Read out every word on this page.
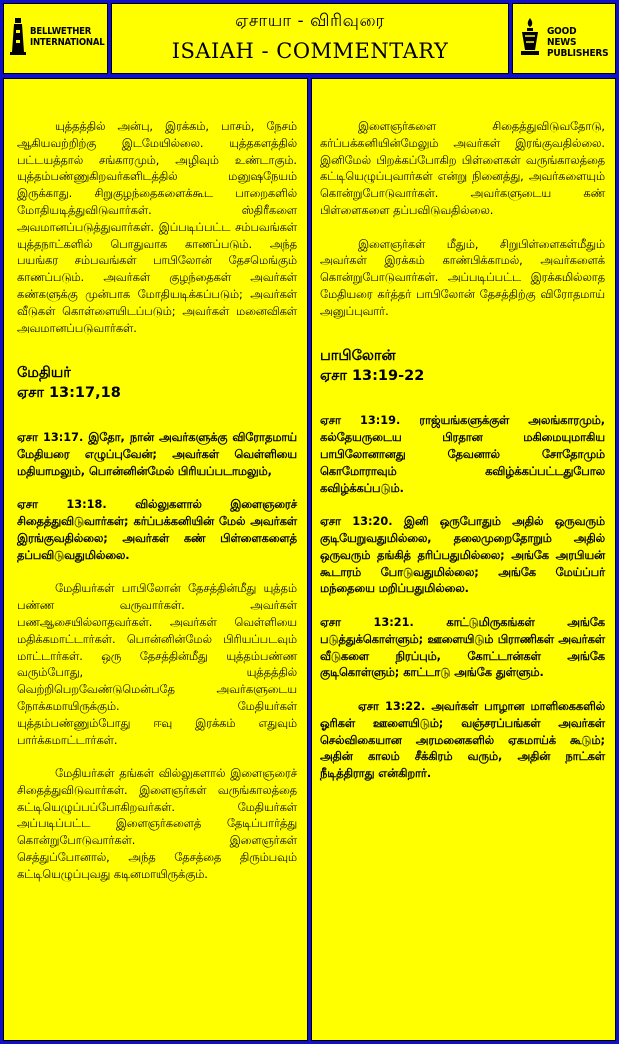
BELLWETHER
INTERNATIONAL
ஏசாயா - விரிவுரை
ISAIAH - COMMENTARY
GOOD NEWS
PUBLISHERS

யுத்தத்தில் அன்பு, இரக்கம், பாசம், நேசம் ஆகியவற்றிற்கு இடமேயில்லை. யுத்தகளத்தில் பட்டயத்தால் சங்காரமும், அழிவும் உண்டாகும். யுத்தம்பண்ணுகிறவர்களிடத்தில் மனுஷநேயம் இருக்காது. சிறுகுழந்தைகளைக்கூட பாறைகளில் மோதியடித்துவிடுவார்கள். ஸ்திரீகளை அவமானப்படுத்துவார்கள். இப்படிப்பட்ட சம்பவங்கள் யுத்தநாட்களில் பொதுவாக காணப்படும். அந்த பயங்கர சம்பவங்கள் பாபிலோன் தேசமெங்கும் காணப்படும். அவர்கள் குழந்தைகள் அவர்கள் கண்களுக்கு முன்பாக மோதியடிக்கப்படும்; அவர்கள் வீடுகள் கொள்ளையிடப்படும்; அவர்கள் மனைவிகள் அவமானப்படுவார்கள்.

மேதியர்
ஏசா 13:17,18

ஏசா 13:17. இதோ, நான் அவர்களுக்கு விரோதமாய் மேதியரை எழுப்புவேன்; அவர்கள் வெள்ளியை மதியாமலும், பொன்னின்மேல் பிரியப்படாமலும்,

ஏசா 13:18. வில்லுகளால் இளைஞரைச் சிதைத்துவிடுவார்கள்; கர்ப்பக்கனியின் மேல் அவர்கள் இரங்குவதில்லை; அவர்கள் கண் பிள்ளைகளைத் தப்பவிடுவதுமில்லை.

மேதியர்கள் பாபிலோன் தேசத்தின்மீது யுத்தம் பண்ண வருவார்கள். அவர்கள் பணஆசையில்லாதவர்கள். அவர்கள் வெள்ளியை மதிக்கமாட்டார்கள். பொன்னின்மேல் பிரியப்படவும் மாட்டார்கள். ஒரு தேசத்தின்மீது யுத்தம்பண்ண வரும்போது, யுத்தத்தில் வெற்றிபெறவேண்டுமென்பதே அவர்களுடைய நோக்கமாயிருக்கும். மேதியர்கள் யுத்தம்பண்ணும்போது ஈவு இரக்கம் எதுவும் பார்க்கமாட்டார்கள்.

மேதியர்கள் தங்கள் வில்லுகளால் இளைஞரைச் சிதைத்துவிடுவார்கள். இளைஞர்கள் வருங்காலத்தை கட்டியெழுப்பப்போகிறவர்கள். மேதியர்கள் அப்படிப்பட்ட இளைஞர்களைத் தேடிப்பார்த்து கொன்றுபோடுவார்கள். இளைஞர்கள் செத்துப்போனால், அந்த தேசத்தை திரும்பவும் கட்டியெழுப்புவது கடினமாயிருக்கும்.

இளைஞர்களை சிதைத்துவிடுவதோடு, கர்ப்பக்கனியின்மேலும் அவர்கள் இரங்குவதில்லை. இனிமேல் பிறக்கப்போகிற பிள்ளைகள் வருங்காலத்தை கட்டியெழுப்புவார்கள் என்று நினைத்து, அவர்களையும் கொன்றுபோடுவார்கள். அவர்களுடைய கண் பிள்ளைகளை தப்பவிடுவதில்லை.

இளைஞர்கள் மீதும், சிறுபிள்ளைகள்மீதும் அவர்கள் இரக்கம் காண்பிக்காமல், அவர்களைக் கொன்றுபோடுவார்கள். அப்படிப்பட்ட இரக்கமில்லாத மேதியரை கர்த்தர் பாபிலோன் தேசத்திற்கு விரோதமாய் அனுப்புவார்.

பாபிலோன்
ஏசா 13:19-22

ஏசா 13:19. ராஜ்யங்களுக்குள் அலங்காரமும், கல்தேயருடைய பிரதான மகிமையுமாகிய பாபிலோனானது தேவனால் சோதோமும் கொமோராவும் கவிழ்க்கப்பட்டதுபோல கவிழ்க்கப்படும்.

ஏசா 13:20. இனி ஒருபோதும் அதில் ஒருவரும் குடியேறுவதுமில்லை, தலைமுறைதோறும் அதில் ஒருவரும் தங்கித் தரிப்பதுமில்லை; அங்கே அரபியன் கூடாரம் போடுவதுமில்லை; அங்கே மேய்ப்பர் மந்தையை மறிப்பதுமில்லை.

ஏசா 13:21. காட்டுமிருகங்கள் அங்கே படுத்துக்கொள்ளும்; ஊளையிடும் பிராணிகள் அவர்கள் வீடுகளை நிரப்பும், கோட்டான்கள் அங்கே குடிகொள்ளும்; காட்டாடு அங்கே துள்ளும்.

ஏசா 13:22. அவர்கள் பாழான மாளிகைகளில் ஓரிகள் ஊளையிடும்; வஞ்சரப்பங்கள் அவர்கள் செல்விகையான அரமனைகளில் ஏகமாய்க் கூடும்; அதின் காலம் சீக்கிரம் வரும், அதின் நாட்கள் நீடித்திராது என்கிறார்.
